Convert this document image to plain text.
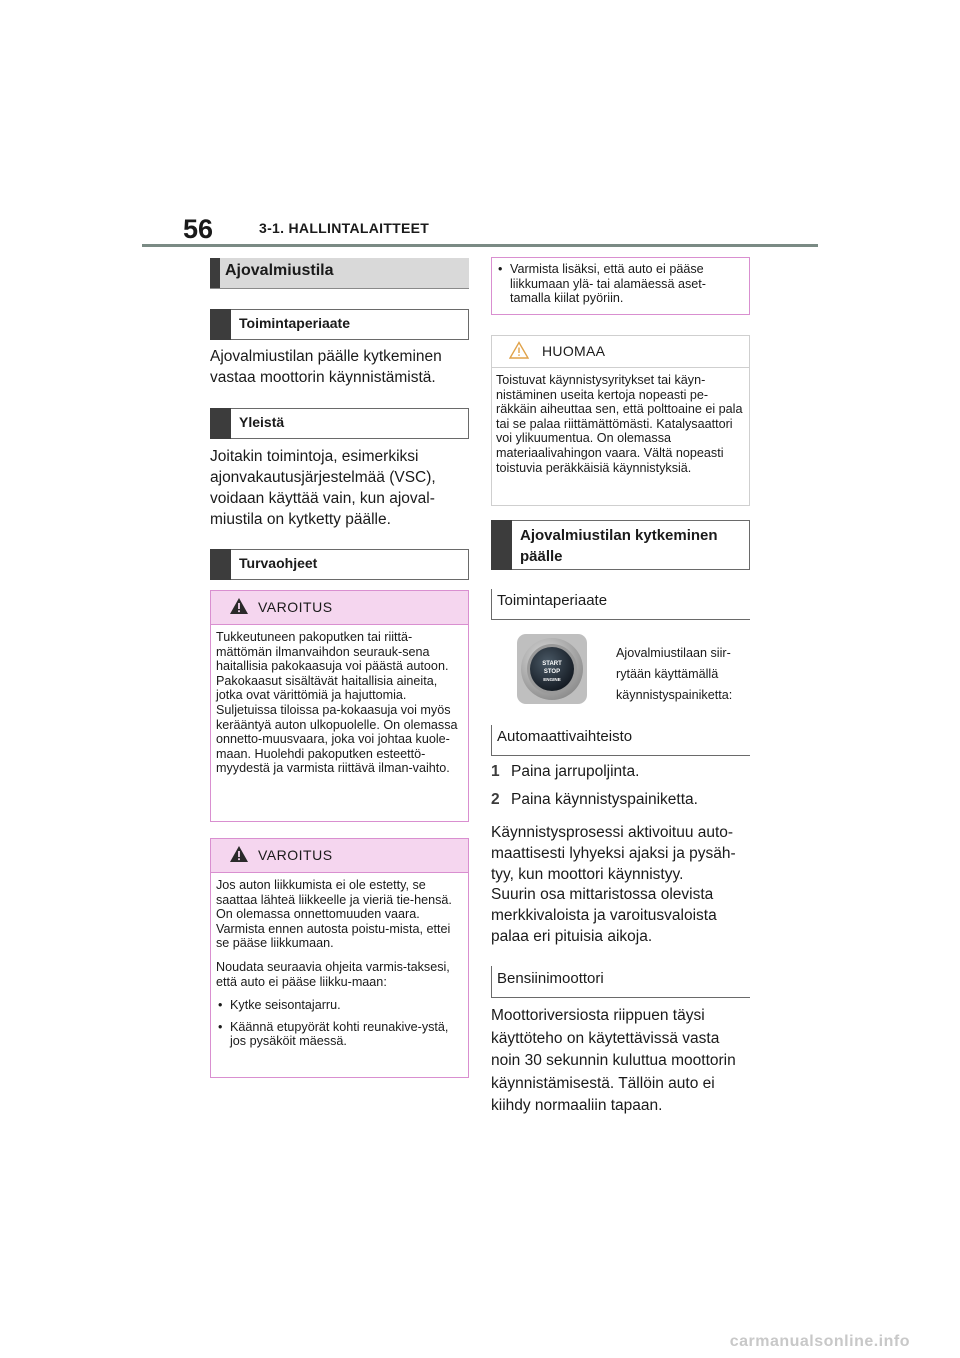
56	3-1. HALLINTALAITTEET
Ajovalmiustila
Toimintaperiaate
Ajovalmiustilan päälle kytkeminen vastaa moottorin käynnistämistä.
Yleistä
Joitakin toimintoja, esimerkiksi ajonvakautusjärjestelmää (VSC), voidaan käyttää vain, kun ajoval-miustila on kytketty päälle.
Turvaohjeet
VAROITUS
Tukkeutuneen pakoputken tai riittä-mättömän ilmanvaihdon seurauk-sena haitallisia pakokaasuja voi päästä autoon. Pakokaasut sisältävät haitallisia aineita, jotka ovat värittömiä ja hajuttomia. Suljetuissa tiloissa pa-kokaasuja voi myös kerääntyä auton ulkopuolelle. On olemassa onnetto-muusvaara, joka voi johtaa kuole-maan. Huolehdi pakoputken esteettö-myydestä ja varmista riittävä ilman-vaihto.
VAROITUS

Jos auton liikkumista ei ole estetty, se saattaa lähteä liikkeelle ja vieriä tie-hensä. On olemassa onnettomuuden vaara. Varmista ennen autosta poistu-mista, ettei se pääse liikkumaan.

Noudata seuraavia ohjeita varmis-taksesi, että auto ei pääse liikku-maan:

• Kytke seisontajarru.
• Käännä etupyörät kohti reunakive-ystä, jos pysäköit mäessä.
• Varmista lisäksi, että auto ei pääse liikkumaan ylä- tai alamäessä aset-tamalla kiilat pyöriin.
HUOMAA
Toistuvat käynnistysyritykset tai käyn-nistäminen useita kertoja nopeasti pe-räkkäin aiheuttaa sen, että polttoaine ei pala tai se palaa riittämättömästi. Katalysaattori voi ylikuumentua. On olemassa materiaalivahingon vaara. Vältä nopeasti toistuvia peräkkäisiä käynnistyksiä.
Ajovalmiustilan kytkeminen päälle
Toimintaperiaate
START
STOP
ENGINE
Ajovalmiustilaan siir-rytään käyttämällä käynnistyspainiketta:
Automaattivaihteisto
1 Paina jarrupoljinta.
2 Paina käynnistyspainiketta.
Käynnistysprosessi aktivoituu auto-maattisesti lyhyeksi ajaksi ja pysäh-tyy, kun moottori käynnistyy.
Suurin osa mittaristossa olevista merkkivaloista ja varoitusvaloista palaa eri pituisia aikoja.
Bensiinimoottori
Moottoriversiosta riippuen täysi käyttöteho on käytettävissä vasta noin 30 sekunnin kuluttua moottorin käynnistämisestä. Tällöin auto ei kiihdy normaaliin tapaan.
carmanualsonline.info
